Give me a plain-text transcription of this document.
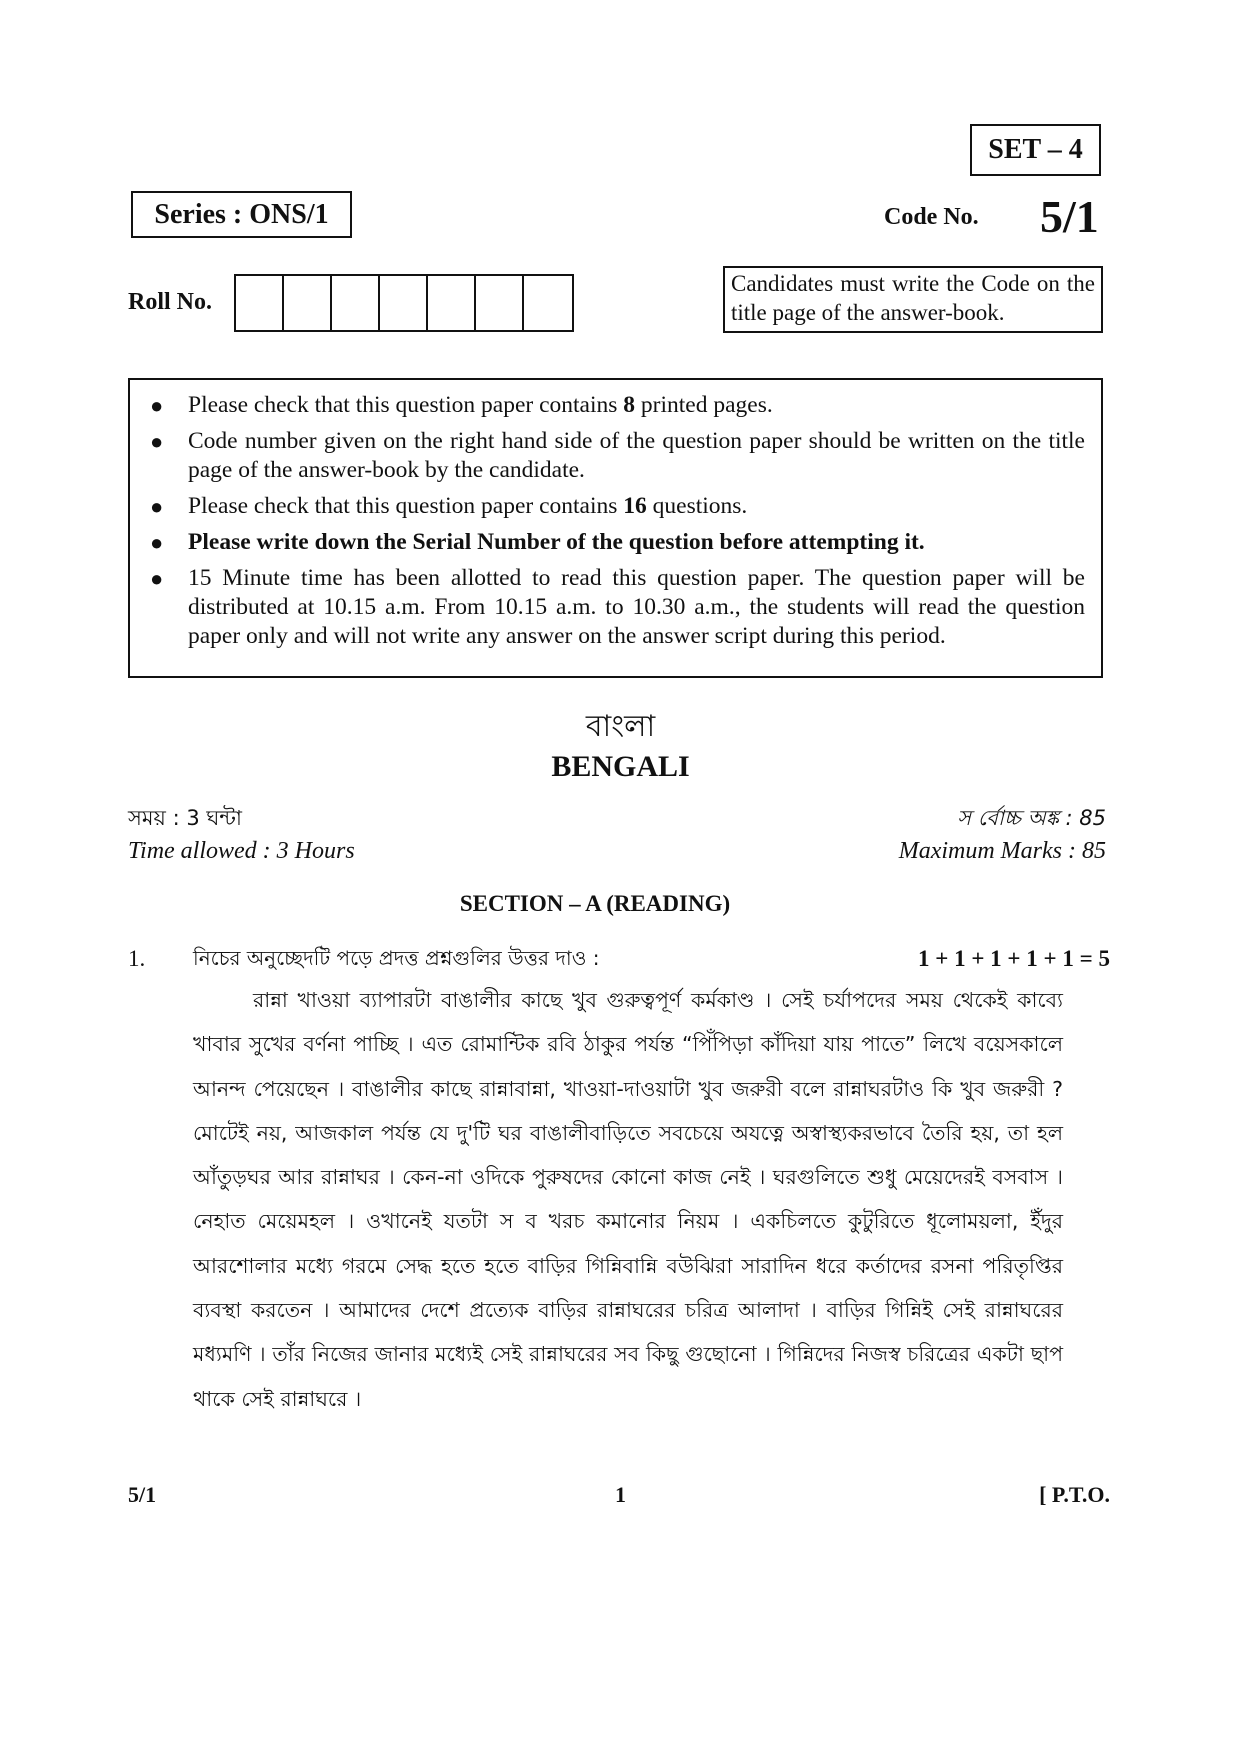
SET – 4
Series : ONS/1	Code No. 5/1
Roll No.
Candidates must write the Code on the title page of the answer-book.
●	Please check that this question paper contains 8 printed pages.
●	Code number given on the right hand side of the question paper should be written on the title page of the answer-book by the candidate.
●	Please check that this question paper contains 16 questions.
●	Please write down the Serial Number of the question before attempting it.
●	15 Minute time has been allotted to read this question paper. The question paper will be distributed at 10.15 a.m. From 10.15 a.m. to 10.30 a.m., the students will read the question paper only and will not write any answer on the answer script during this period.
বাংলা
BENGALI
সময় : 3 ঘন্টা	স র্বোচ্চ অঙ্ক : 85
Time allowed : 3 Hours	Maximum Marks : 85
SECTION – A (READING)
1. নিচের অনুচ্ছেদটি পড়ে প্রদত্ত প্রশ্নগুলির উত্তর দাও :	1 + 1 + 1 + 1 + 1 = 5

রান্না খাওয়া ব্যাপারটা বাঙালীর কাছে খুব গুরুত্বপূর্ণ কর্মকাণ্ড । সেই চর্যাপদের সময় থেকেই কাব্যে খাবার সুখের বর্ণনা পাচ্ছি । এত রোমান্টিক রবি ঠাকুর পর্যন্ত “পিঁপিড়া কাঁদিয়া যায় পাতে” লিখে বয়েসকালে আনন্দ পেয়েছেন । বাঙালীর কাছে রান্নাবান্না, খাওয়া-দাওয়াটা খুব জরুরী বলে রান্নাঘরটাও কি খুব জরুরী ? মোটেই নয়, আজকাল পর্যন্ত যে দু'টি ঘর বাঙালীবাড়িতে সবচেয়ে অযত্নে অস্বাস্থ্যকরভাবে তৈরি হয়, তা হল আঁতুড়ঘর আর রান্নাঘর । কেন-না ওদিকে পুরুষদের কোনো কাজ নেই । ঘরগুলিতে শুধু মেয়েদেরই বসবাস । নেহাত মেয়েমহল । ওখানেই যতটা স ব খরচ কমানোর নিয়ম । একচিলতে কুটুরিতে ধূলোময়লা, ইঁদুর আরশোলার মধ্যে গরমে সেদ্ধ হতে হতে বাড়ির গিন্নিবান্নি বউঝিরা সারাদিন ধরে কর্তাদের রসনা পরিতৃপ্তির ব্যবস্থা করতেন । আমাদের দেশে প্রত্যেক বাড়ির রান্নাঘরের চরিত্র আলাদা । বাড়ির গিন্নিই সেই রান্নাঘরের মধ্যমণি । তাঁর নিজের জানার মধ্যেই সেই রান্নাঘরের সব কিছু গুছোনো । গিন্নিদের নিজস্ব চরিত্রের একটা ছাপ থাকে সেই রান্নাঘরে ।

5/1	1	[ P.T.O.
